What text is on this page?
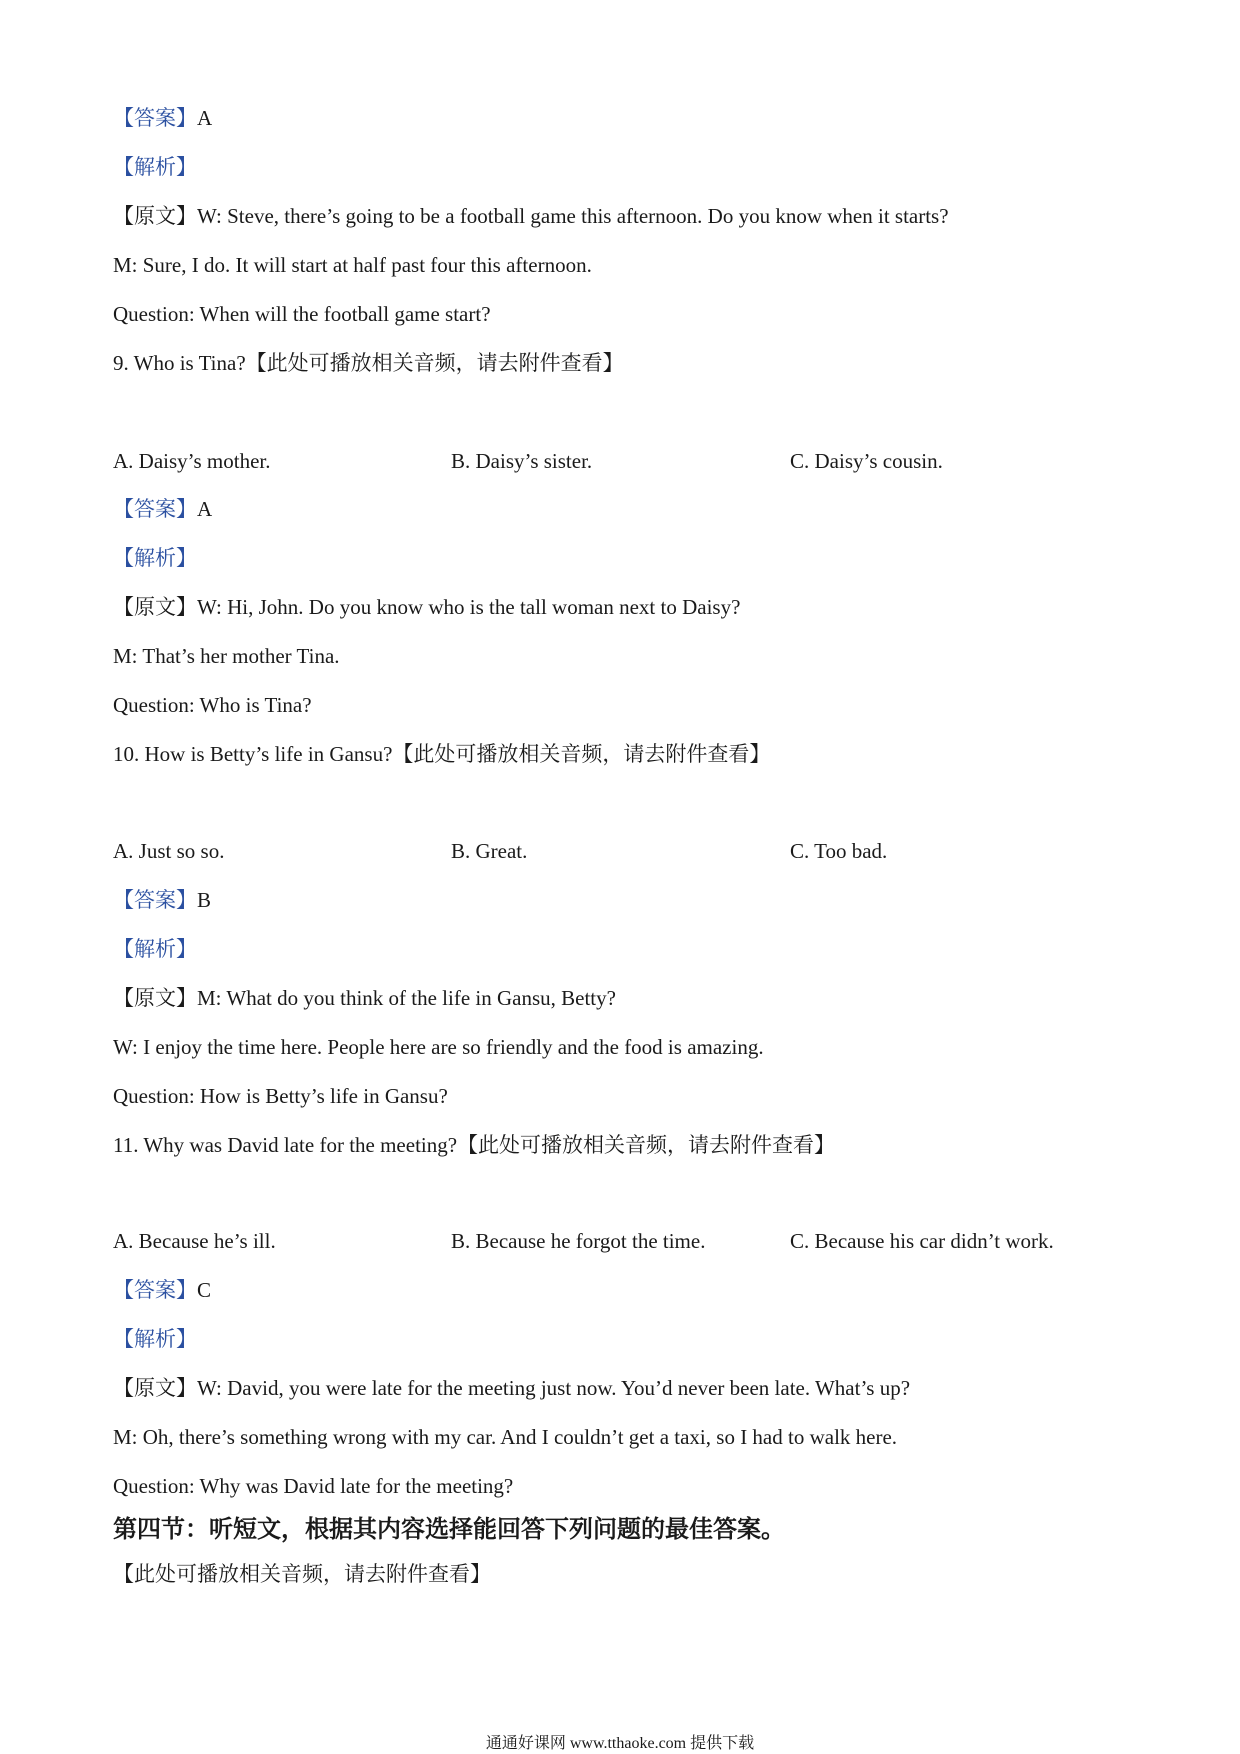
【答案】A
【解析】
【原文】W: Steve, there’s going to be a football game this afternoon. Do you know when it starts?
M: Sure, I do. It will start at half past four this afternoon.
Question: When will the football game start?
9. Who is Tina?【此处可播放相关音频，请去附件查看】
A. Daisy’s mother.	B. Daisy’s sister.	C. Daisy’s cousin.
【答案】A
【解析】
【原文】W: Hi, John. Do you know who is the tall woman next to Daisy?
M: That’s her mother Tina.
Question: Who is Tina?
10. How is Betty’s life in Gansu?【此处可播放相关音频，请去附件查看】
A. Just so so.	B. Great.	C. Too bad.
【答案】B
【解析】
【原文】M: What do you think of the life in Gansu, Betty?
W: I enjoy the time here. People here are so friendly and the food is amazing.
Question: How is Betty’s life in Gansu?
11. Why was David late for the meeting?【此处可播放相关音频，请去附件查看】
A. Because he’s ill.	B. Because he forgot the time.	C. Because his car didn’t work.
【答案】C
【解析】
【原文】W: David, you were late for the meeting just now. You’d never been late. What’s up?
M: Oh, there’s something wrong with my car. And I couldn’t get a taxi, so I had to walk here.
Question: Why was David late for the meeting?
第四节：听短文，根据其内容选择能回答下列问题的最佳答案。
【此处可播放相关音频，请去附件查看】
通通好课网 www.tthaoke.com 提供下载
